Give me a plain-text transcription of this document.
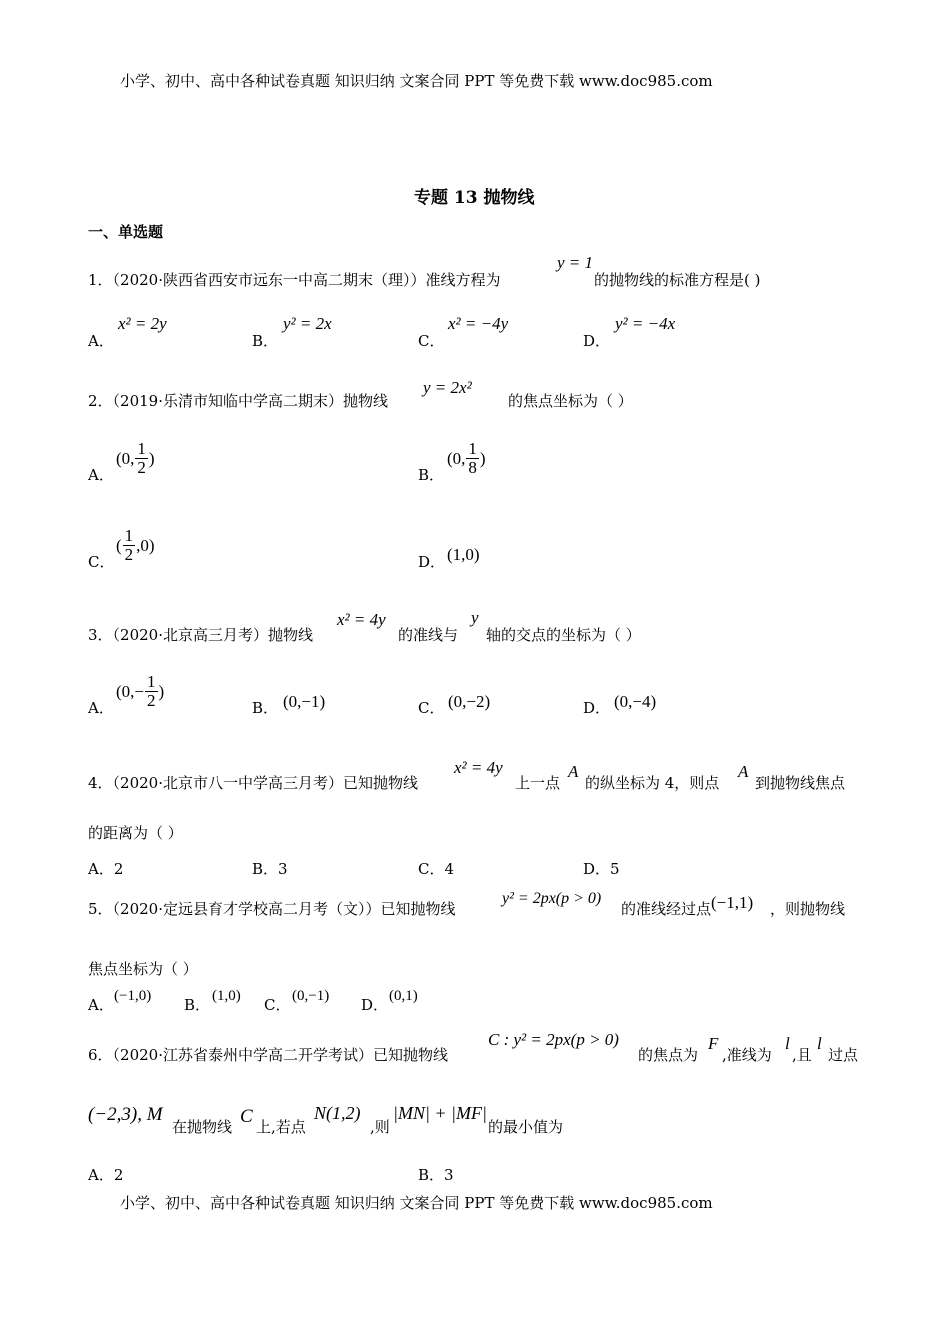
小学、初中、高中各种试卷真题 知识归纳 文案合同 PPT 等免费下载 www.doc985.com
专题 13 抛物线
一、单选题
1．（2020·陕西省西安市远东一中高二期末（理））准线方程为
y = 1
的抛物线的标准方程是( )
A．
x² = 2y
B．
y² = 2x
C．
x² = −4y
D．
y² = −4x
2．（2019·乐清市知临中学高二期末）抛物线
y = 2x²
的焦点坐标为（ ）
A．
(0, $\frac{1}{2}$ )
B．
(0, $\frac{1}{8}$ )
C．
( $\frac{1}{2} ,0$)
D． (1,0)
3．（2020·北京高三月考）抛物线
x² = 4y
的准线与
y
轴的交点的坐标为（ ）
A．
($0,- \frac{1}{2}$ )
B． (0,−1)	C． (0,−2)	D． (0,−4)
4．（2020·北京市八一中学高三月考）已知抛物线
x² = 4y
上一点
A
的纵坐标为 4，则点
A
到抛物线焦点
的距离为（ ）
A．2	B．3	C．4	D．5
5．（2020·定远县育才学校高二月考（文））已知抛物线
y² = 2px(p > 0)
的准线经过点 (−1,1) ，则抛物线
焦点坐标为（ ）
A． (−1,0) B． (1,0) C． (0,−1) D． (0,1)
6．（2020·江苏省泰州中学高二开学考试）已知抛物线
C : y² = 2px(p > 0)
的焦点为
F
,准线为
l
,且
l
过点
(−2,3), M
在抛物线 C 上,若点
N(1,2)
,则
|MN| + |MF|
的最小值为
A．2	B．3
小学、初中、高中各种试卷真题 知识归纳 文案合同 PPT 等免费下载 www.doc985.com
